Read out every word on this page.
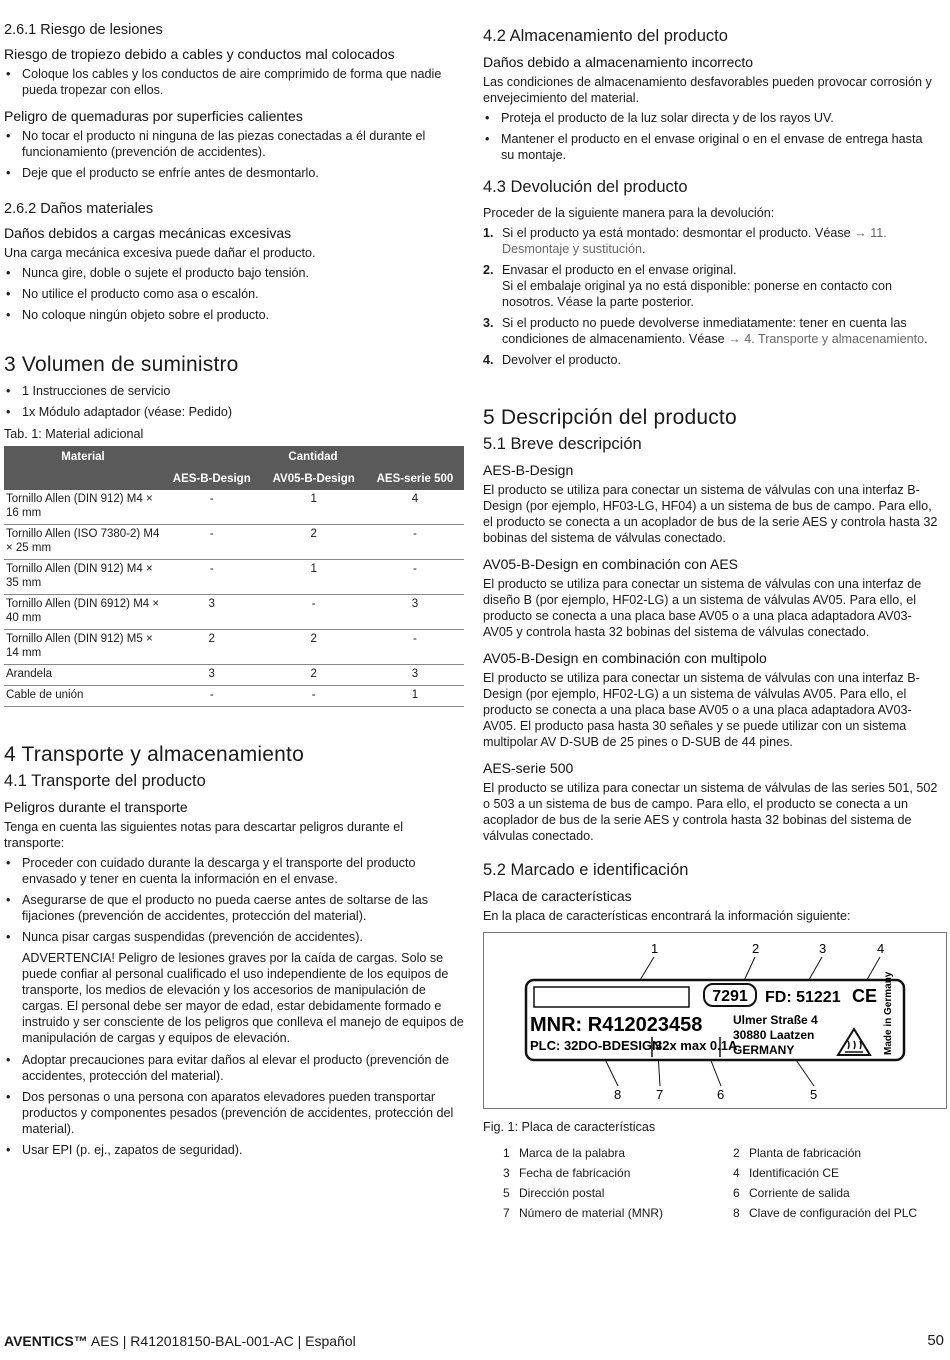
2.6.1 Riesgo de lesiones
Riesgo de tropiezo debido a cables y conductos mal colocados
• Coloque los cables y los conductos de aire comprimido de forma que nadie pueda tropezar con ellos.
Peligro de quemaduras por superficies calientes
• No tocar el producto ni ninguna de las piezas conectadas a él durante el funcionamiento (prevención de accidentes).
• Deje que el producto se enfríe antes de desmontarlo.
2.6.2 Daños materiales
Daños debidos a cargas mecánicas excesivas

Una carga mecánica excesiva puede dañar el producto.

• Nunca gire, doble o sujete el producto bajo tensión.
• No utilice el producto como asa o escalón.
• No coloque ningún objeto sobre el producto.
3 Volumen de suministro
• 1 Instrucciones de servicio
• 1x Módulo adaptador (véase: Pedido)
Tab. 1: Material adicional
Material	Cantidad		
	AES-B-Design	AV05-B-Design	AES-serie 500
Tornillo Allen (DIN 912) M4 × 16 mm	-	1	4
Tornillo Allen (ISO 7380-2) M4 × 25 mm	-	2	-
Tornillo Allen (DIN 912) M4 × 35 mm	-	1	-
Tornillo Allen (DIN 6912) M4 × 40 mm	3	-	3
Tornillo Allen (DIN 912) M5 × 14 mm	2	2	-
Arandela	3	2	3
Cable de unión	-	-	1
4 Transporte y almacenamiento
4.1 Transporte del producto
Peligros durante el transporte

Tenga en cuenta las siguientes notas para descartar peligros durante el transporte:

• Proceder con cuidado durante la descarga y el transporte del producto envasado y tener en cuenta la información en el envase.
• Asegurarse de que el producto no pueda caerse antes de soltarse de las fijaciones (prevención de accidentes, protección del material).
• Nunca pisar cargas suspendidas (prevención de accidentes).
ADVERTENCIA! Peligro de lesiones graves por la caída de cargas. Solo se puede confiar al personal cualificado el uso independiente de los equipos de transporte, los medios de elevación y los accesorios de manipulación de cargas. El personal debe ser mayor de edad, estar debidamente formado e instruido y ser consciente de los peligros que conlleva el manejo de equipos de manipulación de cargas y equipos de elevación.
• Adoptar precauciones para evitar daños al elevar el producto (prevención de accidentes, protección del material).
• Dos personas o una persona con aparatos elevadores pueden transportar productos y componentes pesados (prevención de accidentes, protección del material).
• Usar EPI (p. ej., zapatos de seguridad).
4.2 Almacenamiento del producto
Daños debido a almacenamiento incorrecto

Las condiciones de almacenamiento desfavorables pueden provocar corrosión y envejecimiento del material.

• Proteja el producto de la luz solar directa y de los rayos UV.
• Mantener el producto en el envase original o en el envase de entrega hasta su montaje.
4.3 Devolución del producto

Proceder de la siguiente manera para la devolución:

1. Si el producto ya está montado: desmontar el producto. Véase → 11. Desmontaje y sustitución.
2. Envasar el producto en el envase original.
Si el embalaje original ya no está disponible: ponerse en contacto con nosotros. Véase la parte posterior.
3. Si el producto no puede devolverse inmediatamente: tener en cuenta las condiciones de almacenamiento. Véase → 4. Transporte y almacenamiento.
4. Devolver el producto.
5 Descripción del producto
5.1 Breve descripción
AES-B-Design

El producto se utiliza para conectar un sistema de válvulas con una interfaz B-Design (por ejemplo, HF03-LG, HF04) a un sistema de bus de campo. Para ello, el producto se conecta a un acoplador de bus de la serie AES y controla hasta 32 bobinas del sistema de válvulas conectado.

AV05-B-Design en combinación con AES

El producto se utiliza para conectar un sistema de válvulas con una interfaz de diseño B (por ejemplo, HF02-LG) a un sistema de válvulas AV05. Para ello, el producto se conecta a una placa base AV05 o a una placa adaptadora AV03-AV05 y controla hasta 32 bobinas del sistema de válvulas conectado.

AV05-B-Design en combinación con multipolo

El producto se utiliza para conectar un sistema de válvulas con una interfaz B-Design (por ejemplo, HF02-LG) a un sistema de válvulas AV05. Para ello, el producto se conecta a una placa base AV05 o a una placa adaptadora AV03-AV05. El producto pasa hasta 30 señales y se puede utilizar con un sistema multipolar AV D-SUB de 25 pines o D-SUB de 44 pines.

AES-serie 500

El producto se utiliza para conectar un sistema de válvulas de las series 501, 502 o 503 a un sistema de bus de campo. Para ello, el producto se conecta a un acoplador de bus de la serie AES y controla hasta 32 bobinas del sistema de válvulas conectado.

5.2 Marcado e identificación
Placa de características

En la placa de características encontrará la información siguiente:

1	2	3	4
8	7	6	5
7291 FD: 51221 CE
MNR: R412023458
PLC: 32DO-BDESIGN
32x max 0.1A
Ulmer Straße 4
30880 Laatzen
GERMANY	Made in Germany
Fig. 1: Placa de características
1 Marca de la palabra	2 Planta de fabricación
3 Fecha de fabricación	4 Identificación CE
5 Dirección postal	6 Corriente de salida
7 Número de material (MNR)	8 Clave de configuración del PLC
AVENTICS™ AES | R412018150-BAL-001-AC | Español	50
